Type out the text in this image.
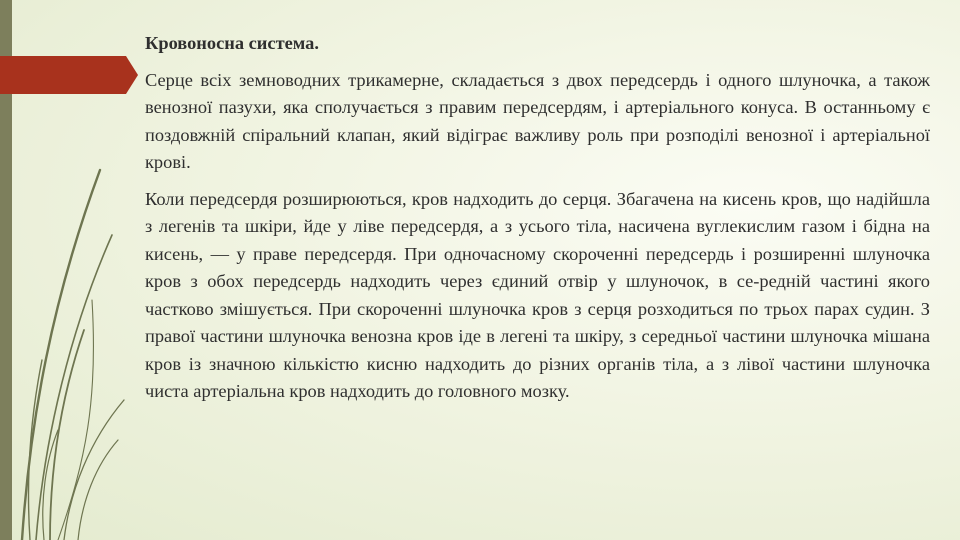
Кровоносна система.
Серце всіх земноводних трикамерне, складається з двох передсердь і одного шлуночка, а також венозної пазухи, яка сполучається з правим передсердям, і артеріального конуса. В останньому є поздовжній спіральний клапан, який відіграє важливу роль при розподілі венозної і артеріальної крові.
Коли передсердя розширюються, кров надходить до серця. Збагачена на кисень кров, що надійшла з легенів та шкіри, йде у ліве передсердя, а з усього тіла, насичена вуглекислим газом і бідна на кисень, — у праве передсердя. При одночасному скороченні передсердь і розширенні шлуночка кров з обох передсердь надходить через єдиний отвір у шлуночок, в се-редній частині якого частково змішується. При скороченні шлуночка кров з серця розходиться по трьох парах судин. З правої частини шлуночка венозна кров іде в легені та шкіру, з середньої частини шлуночка мішана кров із значною кількістю кисню надходить до різних органів тіла, а з лівої частини шлуночка чиста артеріальна кров надходить до головного мозку.
